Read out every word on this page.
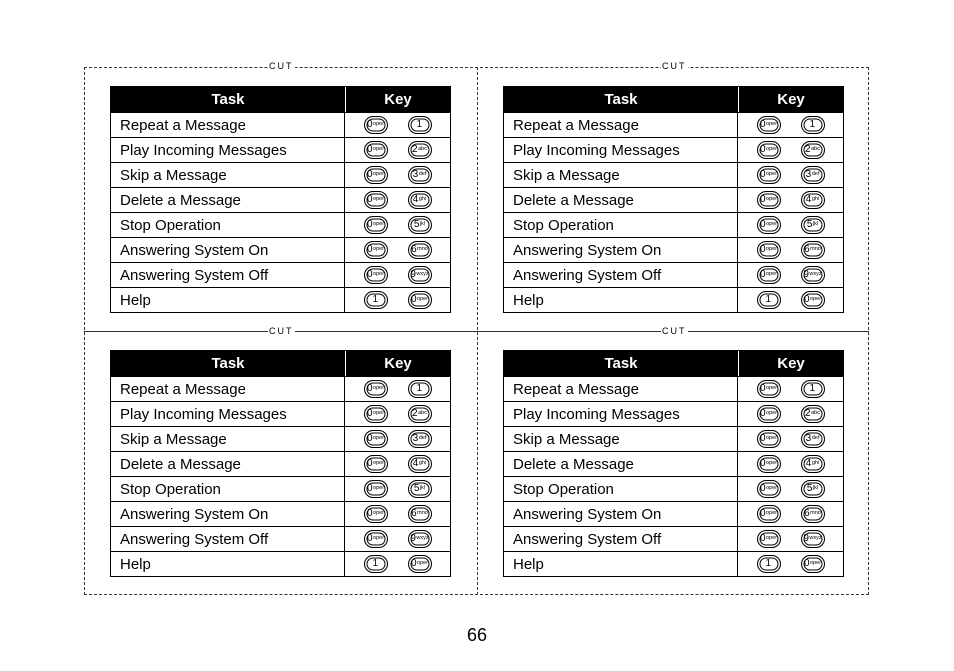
CUT	CUT
CUT	CUT
Task	Key
Repeat a Message	0 oper	1
Play Incoming Messages	0 oper	2 abc
Skip a Message	0 oper	3 def
Delete a Message	0 oper	4 ghi
Stop Operation	0 oper	5 jkl
Answering System On	0 oper	6 mno
Answering System Off	0 oper	9 wxyz
Help	1	0 oper
Task	Key
Repeat a Message	0 oper	1
Play Incoming Messages	0 oper	2 abc
Skip a Message	0 oper	3 def
Delete a Message	0 oper	4 ghi
Stop Operation	0 oper	5 jkl
Answering System On	0 oper	6 mno
Answering System Off	0 oper	9 wxyz
Help	1	0 oper
Task	Key
Repeat a Message	0 oper	1
Play Incoming Messages	0 oper	2 abc
Skip a Message	0 oper	3 def
Delete a Message	0 oper	4 ghi
Stop Operation	0 oper	5 jkl
Answering System On	0 oper	6 mno
Answering System Off	0 oper	9 wxyz
Help	1	0 oper
Task	Key
Repeat a Message	0 oper	1
Play Incoming Messages	0 oper	2 abc
Skip a Message	0 oper	3 def
Delete a Message	0 oper	4 ghi
Stop Operation	0 oper	5 jkl
Answering System On	0 oper	6 mno
Answering System Off	0 oper	9 wxyz
Help	1	0 oper
66
